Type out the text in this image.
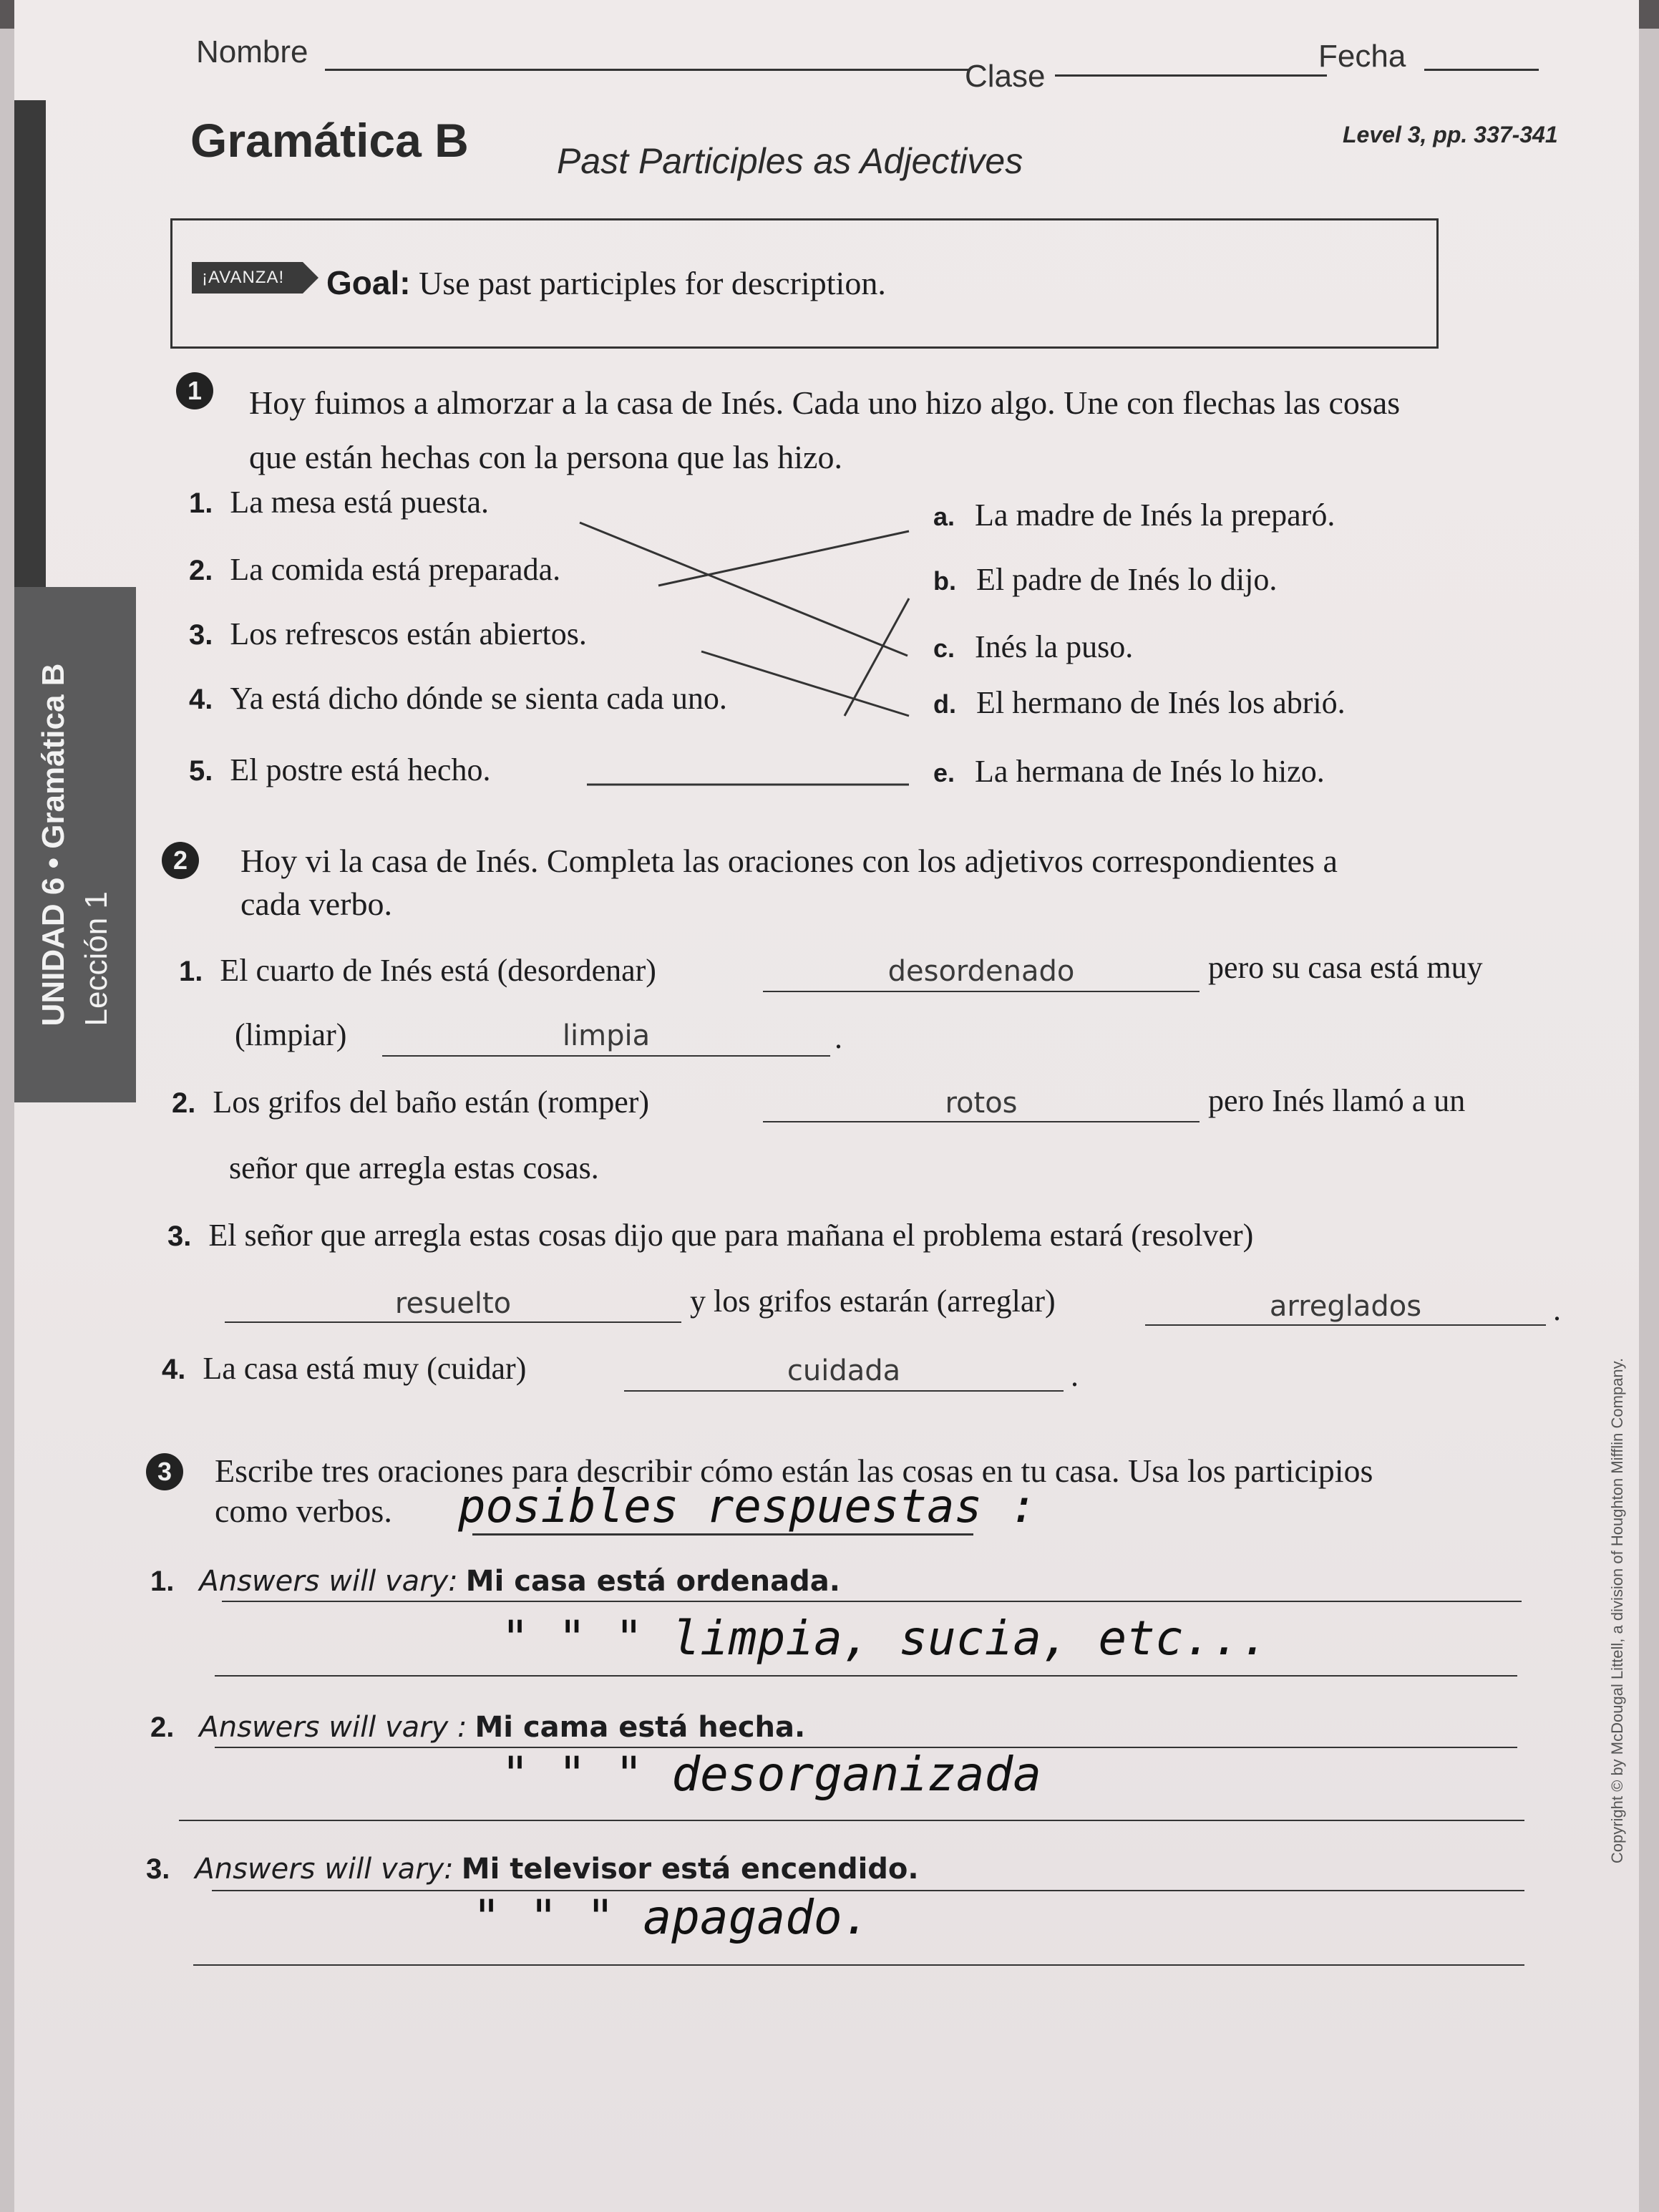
Nombre
Clase
Fecha
Gramática B Past Participles as Adjectives
Level 3, pp. 337-341
¡AVANZA!	Goal: Use past participles for description.
UNIDAD 6 • Gramática B Lección 1
1	Hoy fuimos a almorzar a la casa de Inés. Cada uno hizo algo. Une con flechas las cosas
que están hechas con la persona que las hizo.
1. La mesa está puesta.
2. La comida está preparada.
3. Los refrescos están abiertos.
4. Ya está dicho dónde se sienta cada uno.
5. El postre está hecho.
a. La madre de Inés la preparó.
b. El padre de Inés lo dijo.
c. Inés la puso.
d. El hermano de Inés los abrió.
e. La hermana de Inés lo hizo.
2	Hoy vi la casa de Inés. Completa las oraciones con los adjetivos correspondientes a
cada verbo.
1. El cuarto de Inés está (desordenar)	desordenado	pero su casa está muy
(limpiar)	limpia	.
2. Los grifos del baño están (romper)	rotos	pero Inés llamó a un
señor que arregla estas cosas.
3. El señor que arregla estas cosas dijo que para mañana el problema estará (resolver)
resuelto	y los grifos estarán (arreglar)	arreglados	.
4. La casa está muy (cuidar)	cuidada	.
3	Escribe tres oraciones para describir cómo están las cosas en tu casa. Usa los participios
como verbos. posibles respuestas :
1. Answers will vary: Mi casa está ordenada.
" " " limpia, sucia, etc...
2. Answers will vary : Mi cama está hecha.
" " " desorganizada
3. Answers will vary: Mi televisor está encendido.
" " " apagado.
Copyright © by McDougal Littell, a division of Houghton Mifflin Company.
